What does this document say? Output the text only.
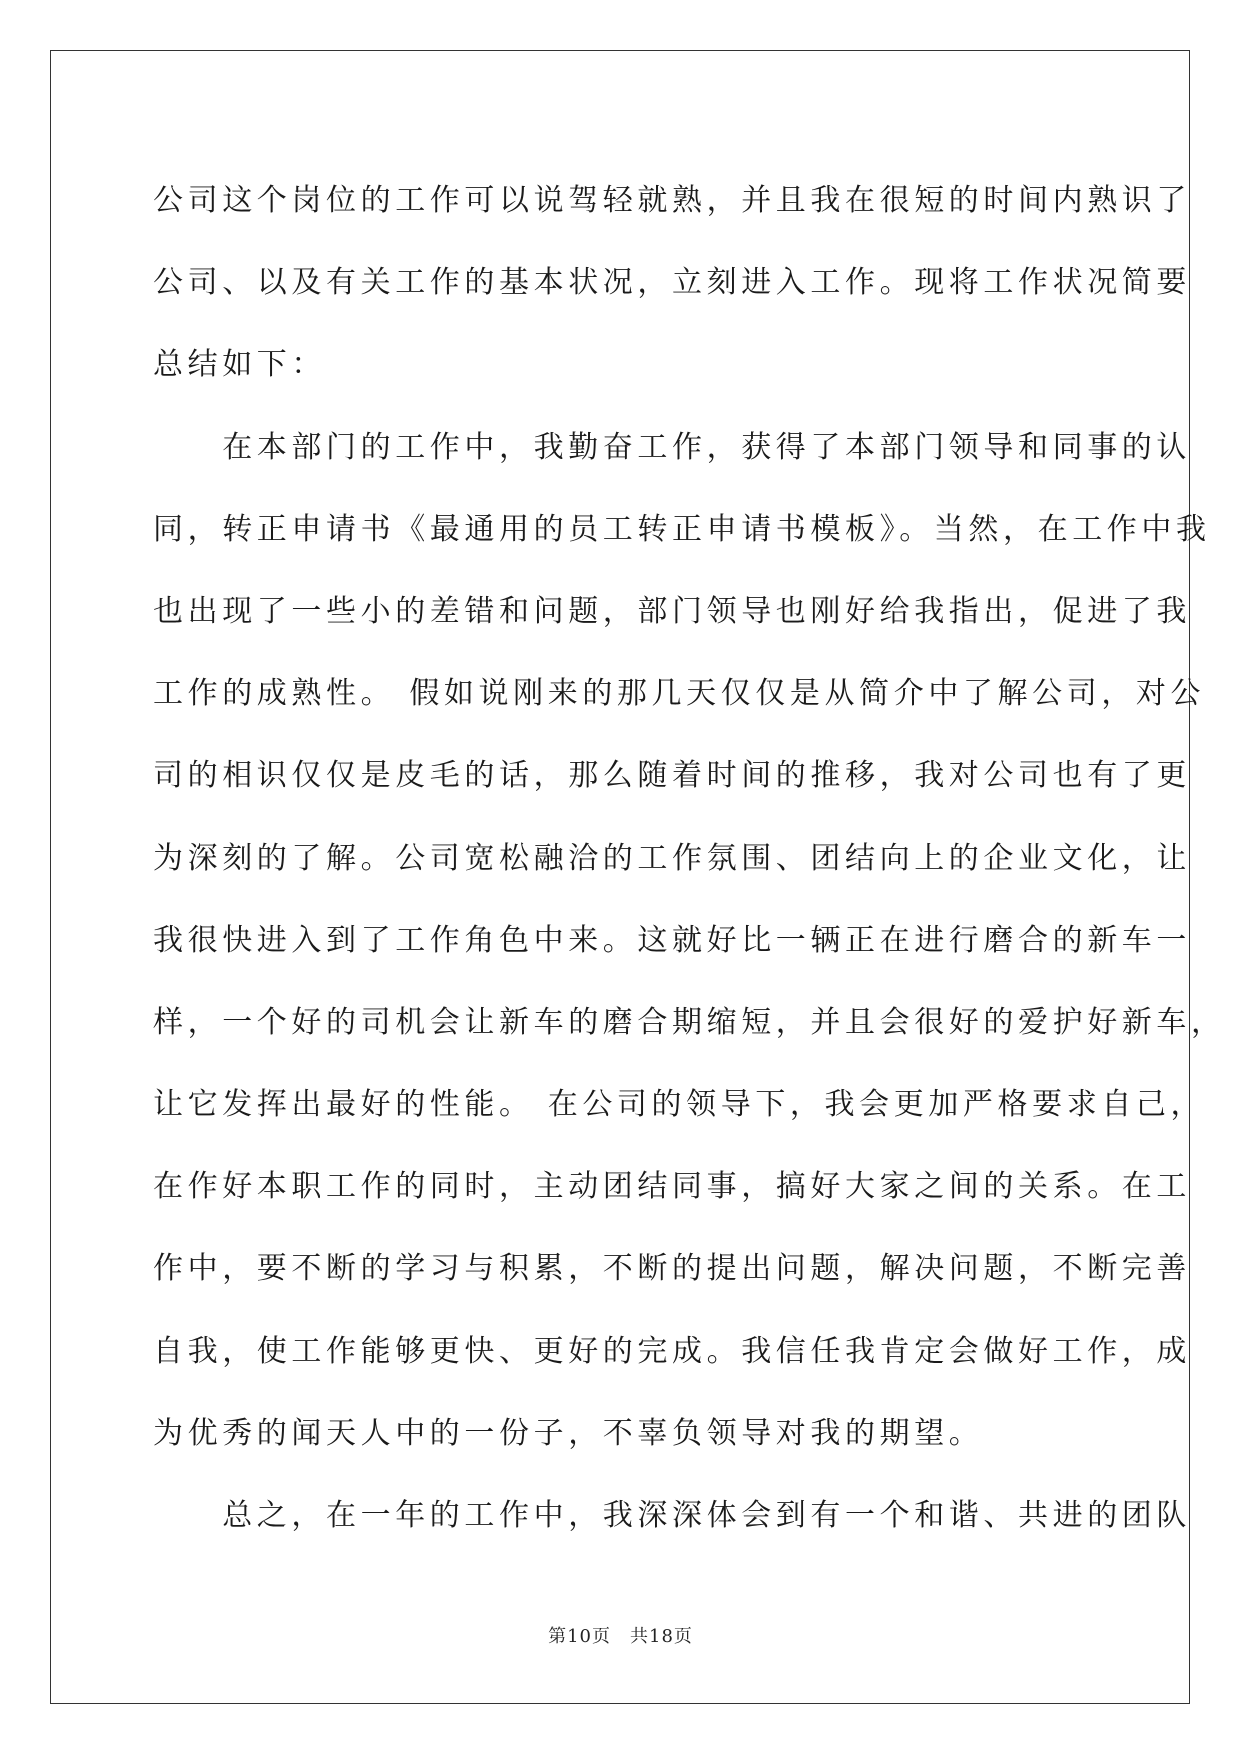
公司这个岗位的工作可以说驾轻就熟，并且我在很短的时间内熟识了
公司、以及有关工作的基本状况，立刻进入工作。现将工作状况简要
总结如下：
　　在本部门的工作中，我勤奋工作，获得了本部门领导和同事的认
同，转正申请书《最通用的员工转正申请书模板》。当然，在工作中我
也出现了一些小的差错和问题，部门领导也刚好给我指出，促进了我
工作的成熟性。 假如说刚来的那几天仅仅是从简介中了解公司，对公
司的相识仅仅是皮毛的话，那么随着时间的推移，我对公司也有了更
为深刻的了解。公司宽松融洽的工作氛围、团结向上的企业文化，让
我很快进入到了工作角色中来。这就好比一辆正在进行磨合的新车一
样，一个好的司机会让新车的磨合期缩短，并且会很好的爱护好新车，
让它发挥出最好的性能。 在公司的领导下，我会更加严格要求自己，
在作好本职工作的同时，主动团结同事，搞好大家之间的关系。在工
作中，要不断的学习与积累，不断的提出问题，解决问题，不断完善
自我，使工作能够更快、更好的完成。我信任我肯定会做好工作，成
为优秀的闻天人中的一份子，不辜负领导对我的期望。
　　总之，在一年的工作中，我深深体会到有一个和谐、共进的团队
第10页　共18页
